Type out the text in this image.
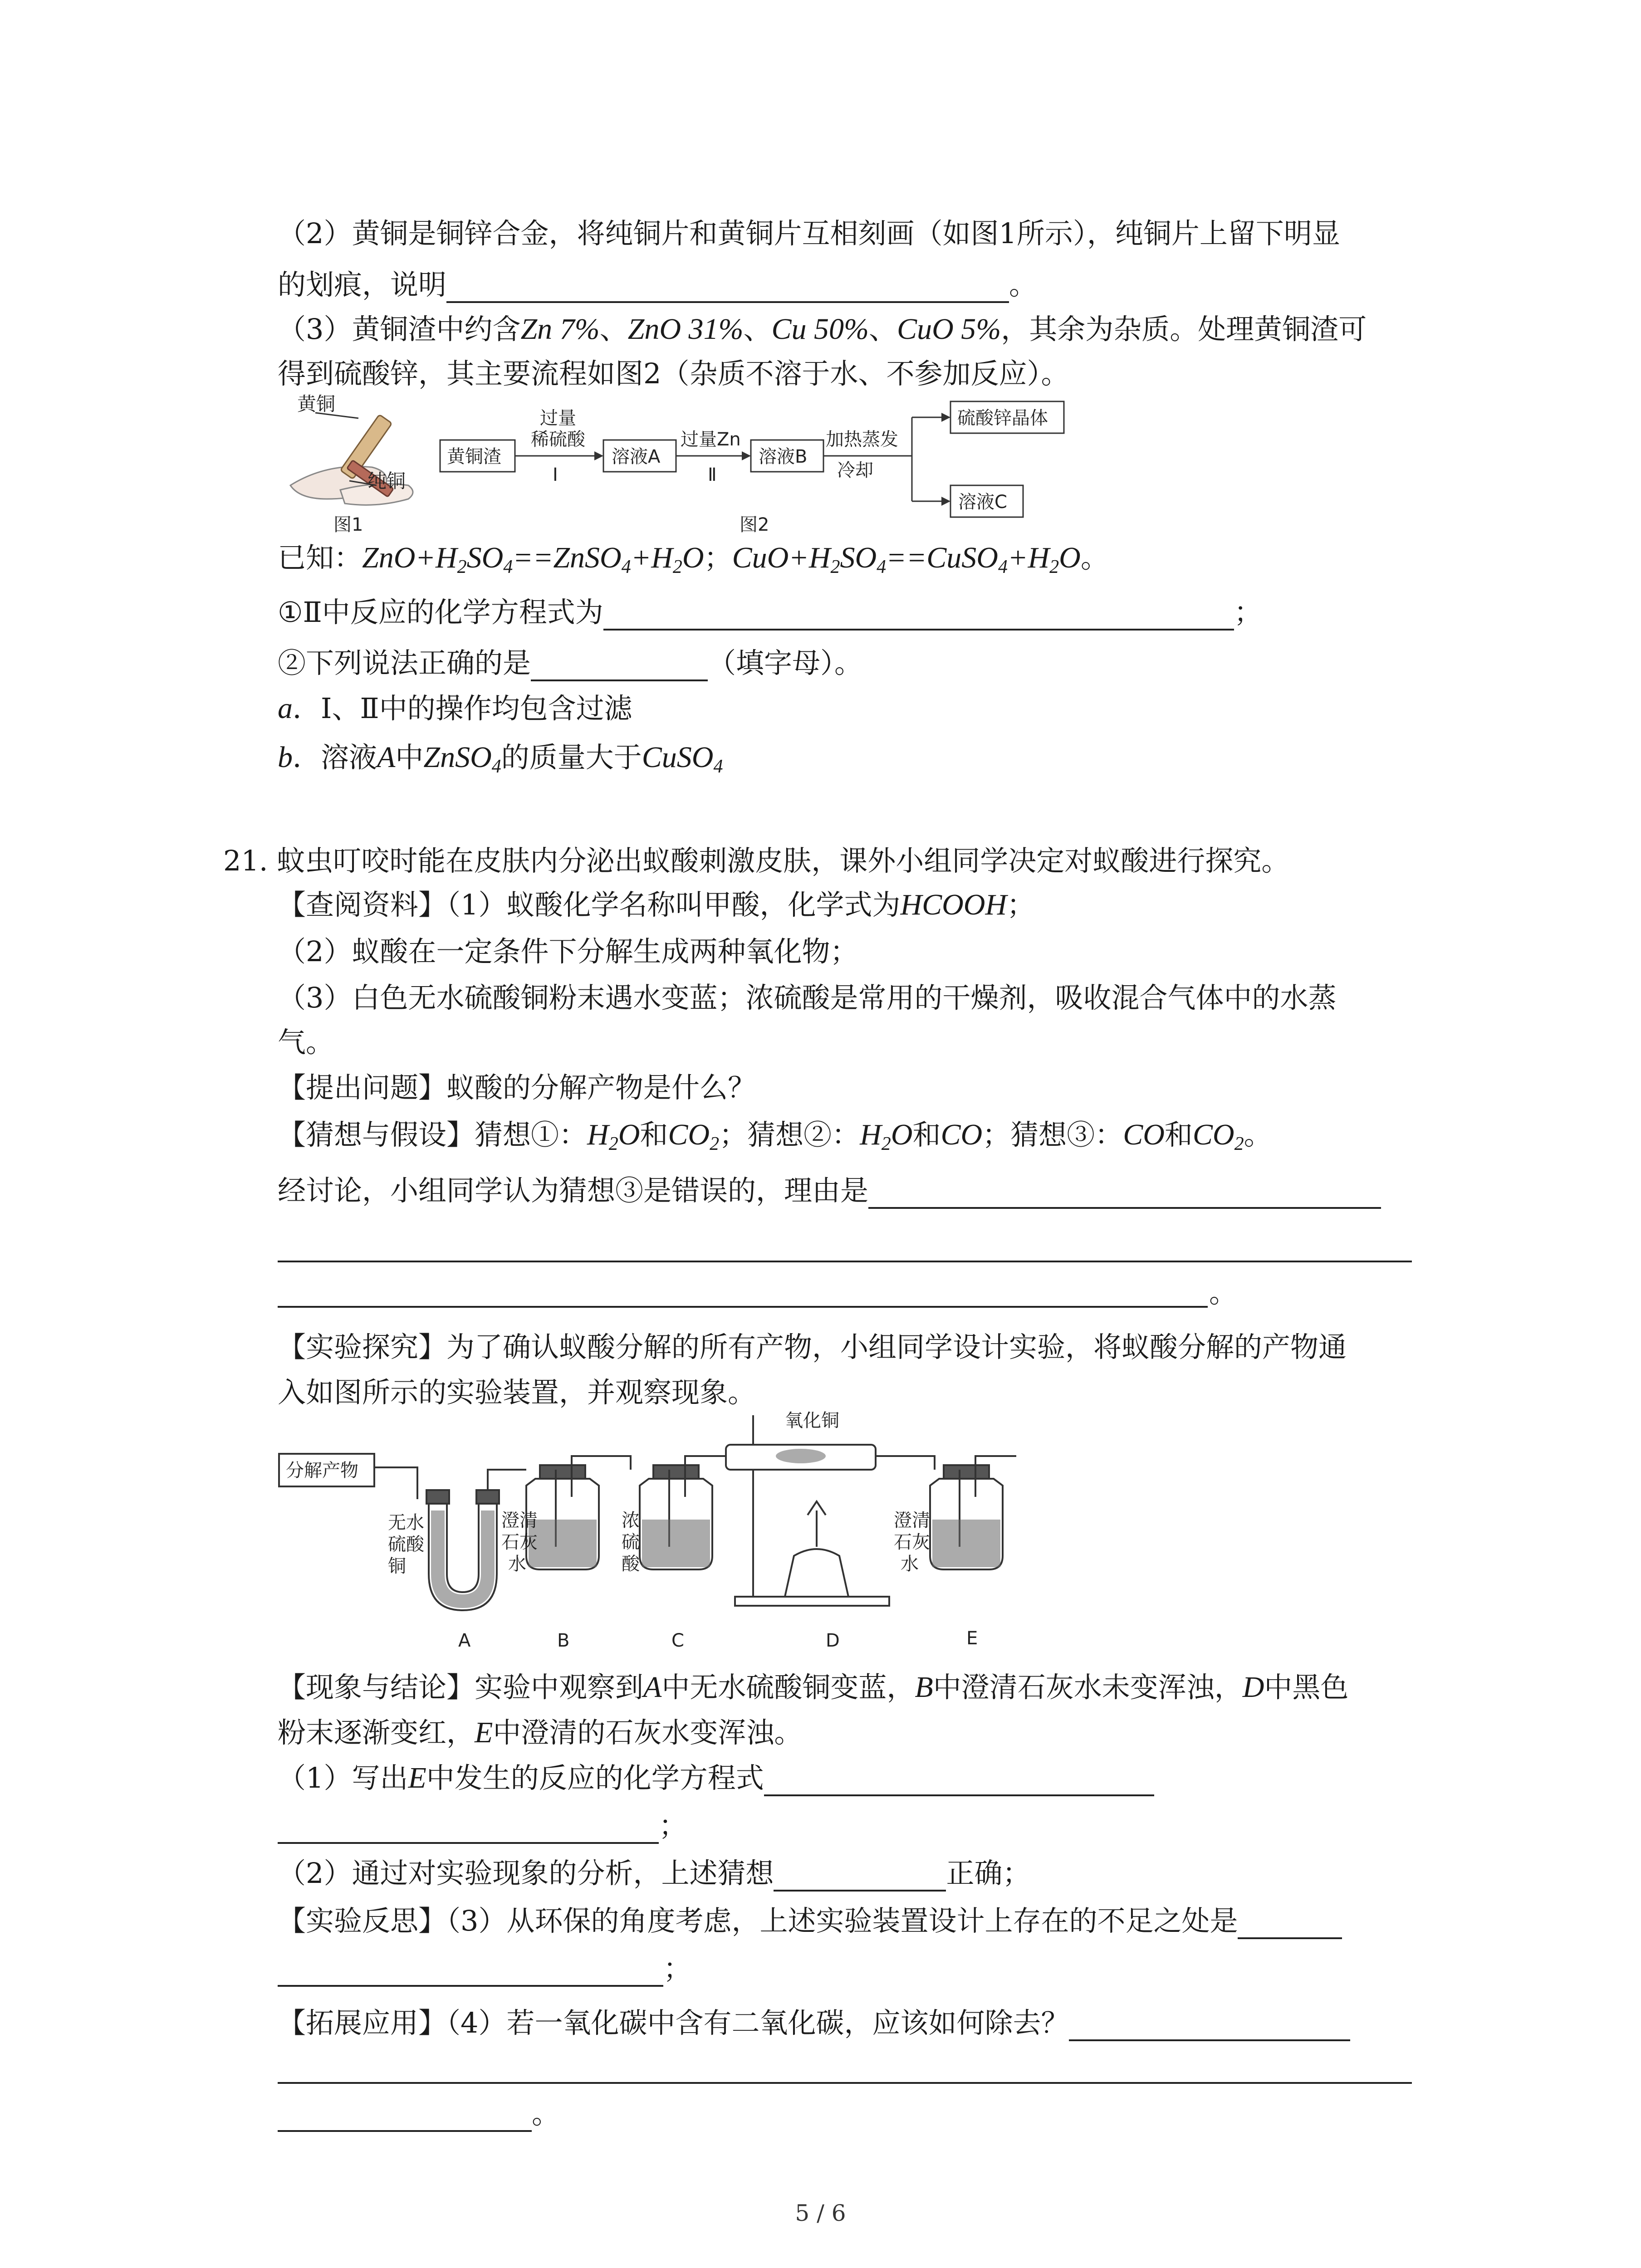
（2）黄铜是铜锌合金，将纯铜片和黄铜片互相刻画（如图1所示），纯铜片上留下明显
的划痕，说明	。
（3）黄铜渣中约含Zn 7%、ZnO 31%、Cu 50%、CuO 5%，其余为杂质。处理黄铜渣可
得到硫酸锌，其主要流程如图2（杂质不溶于水、不参加反应）。
黄铜
纯铜
图1
黄铜渣
过量
稀硫酸
Ⅰ
溶液A
过量Zn
Ⅱ
溶液B
加热蒸发
冷却
硫酸锌晶体
溶液C
图2
已知：$ZnO+H_2SO_4==ZnSO_4+H_2O$；$CuO+H_2SO_4==CuSO_4+H_2O$。
①Ⅱ中反应的化学方程式为	；
②下列说法正确的是	（填字母）。
a．Ⅰ、Ⅱ中的操作均包含过滤
b．溶液A中ZnSO$_4$的质量大于CuSO$_4$
21. 蚊虫叮咬时能在皮肤内分泌出蚁酸刺激皮肤，课外小组同学决定对蚁酸进行探究。
【查阅资料】（1）蚁酸化学名称叫甲酸，化学式为HCOOH；
（2）蚁酸在一定条件下分解生成两种氧化物；
（3）白色无水硫酸铜粉末遇水变蓝；浓硫酸是常用的干燥剂，吸收混合气体中的水蒸
气。
【提出问题】蚁酸的分解产物是什么？
【猜想与假设】猜想①：$H_2O$和$CO_2$；猜想②：$H_2O$和CO；猜想③：CO和$CO_2$。
经讨论，小组同学认为猜想③是错误的，理由是
。
【实验探究】为了确认蚁酸分解的所有产物，小组同学设计实验，将蚁酸分解的产物通
入如图所示的实验装置，并观察现象。
分解产物
氧化铜
无水
硫酸
铜
澄清
石灰
水
浓
硫
酸
澄清
石灰
水
A	B	C	D	E
【现象与结论】实验中观察到A中无水硫酸铜变蓝，B中澄清石灰水未变浑浊，D中黑色
粉末逐渐变红，E中澄清的石灰水变浑浊。
（1）写出E中发生的反应的化学方程式
；
（2）通过对实验现象的分析，上述猜想	正确；
【实验反思】（3）从环保的角度考虑，上述实验装置设计上存在的不足之处是
；
【拓展应用】（4）若一氧化碳中含有二氧化碳，应该如何除去？
。
5 / 6
